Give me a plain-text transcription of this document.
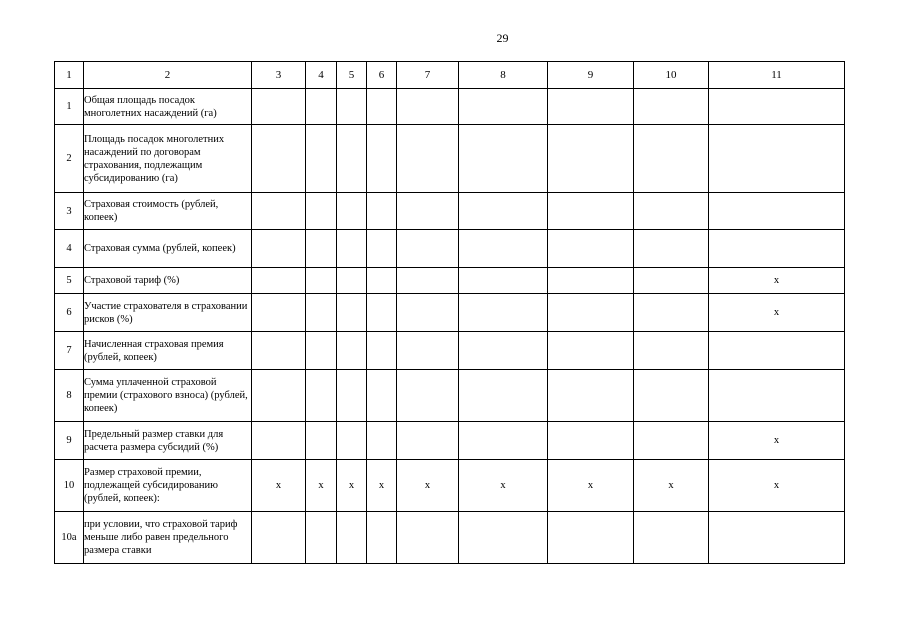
29
1	2	3	4	5	6	7	8	9	10	11
1	Общая площадь посадок многолетних насаждений (га)									
2	Площадь посадок многолетних насаждений по договорам страхования, подлежащим субсидированию (га)									
3	Страховая стоимость (рублей, копеек)									
4	Страховая сумма (рублей, копеек)									
5	Страховой тариф (%)									x
6	Участие страхователя в страховании рисков (%)									x
7	Начисленная страховая премия (рублей, копеек)									
8	Сумма уплаченной страховой премии (страхового взноса) (рублей, копеек)									
9	Предельный размер ставки для расчета размера субсидий (%)									x
10	Размер страховой премии, подлежащей субсидированию (рублей, копеек):	x	x	x	x	x	x	x	x	x
10а	при условии, что страховой тариф меньше либо равен предельного размера ставки									
